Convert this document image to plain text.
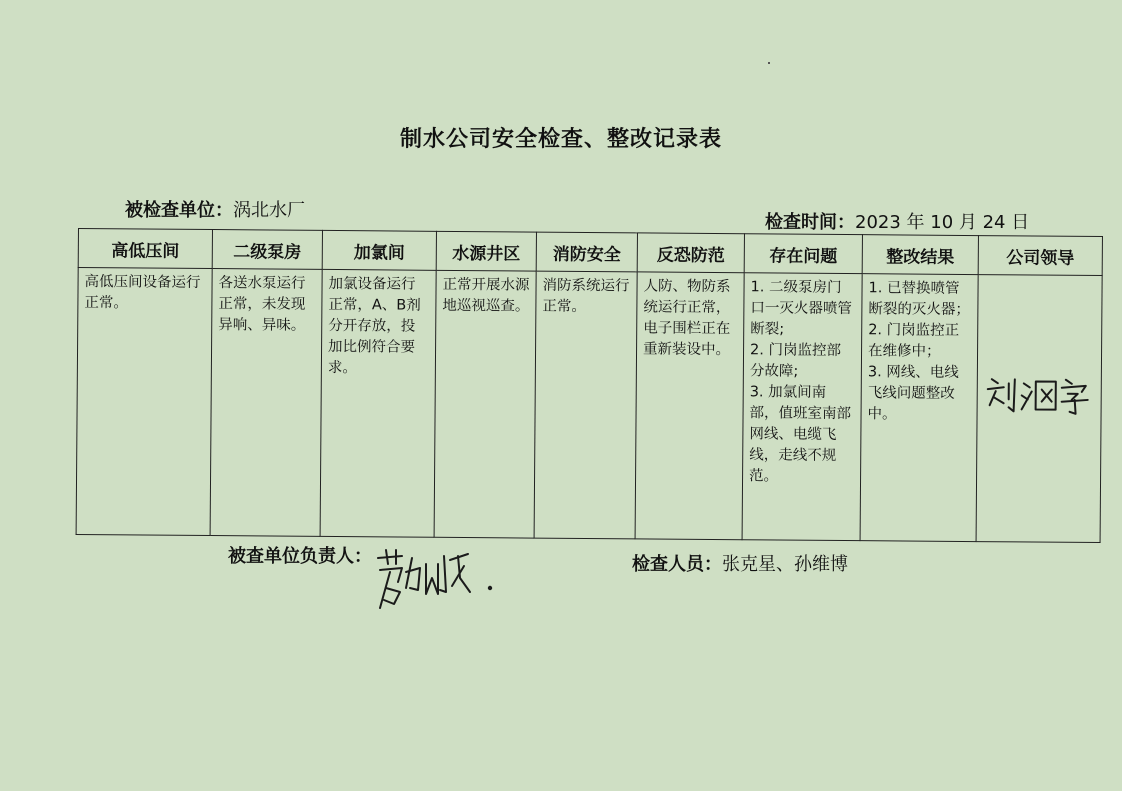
制水公司安全检查、整改记录表
被检查单位：涡北水厂
检查时间：2023 年 10 月 24 日
高低压间	二级泵房	加氯间	水源井区	消防安全	反恐防范	存在问题	整改结果	公司领导

高低压间设备运行正常。	各送水泵运行正常，未发现异响、异味。	加氯设备运行正常，A、B剂分开存放，投加比例符合要求。	正常开展水源地巡视巡查。	消防系统运行正常。	人防、物防系统运行正常，电子围栏正在重新装设中。	1. 二级泵房门口一灭火器喷管断裂;
2. 门岗监控部分故障;
3. 加氯间南部，值班室南部网线、电缆飞线，走线不规范。	1. 已替换喷管断裂的灭火器；
2. 门岗监控正在维修中；
3. 网线、电线飞线问题整改中。

被查单位负责人：	检查人员：张克星、孙维博
